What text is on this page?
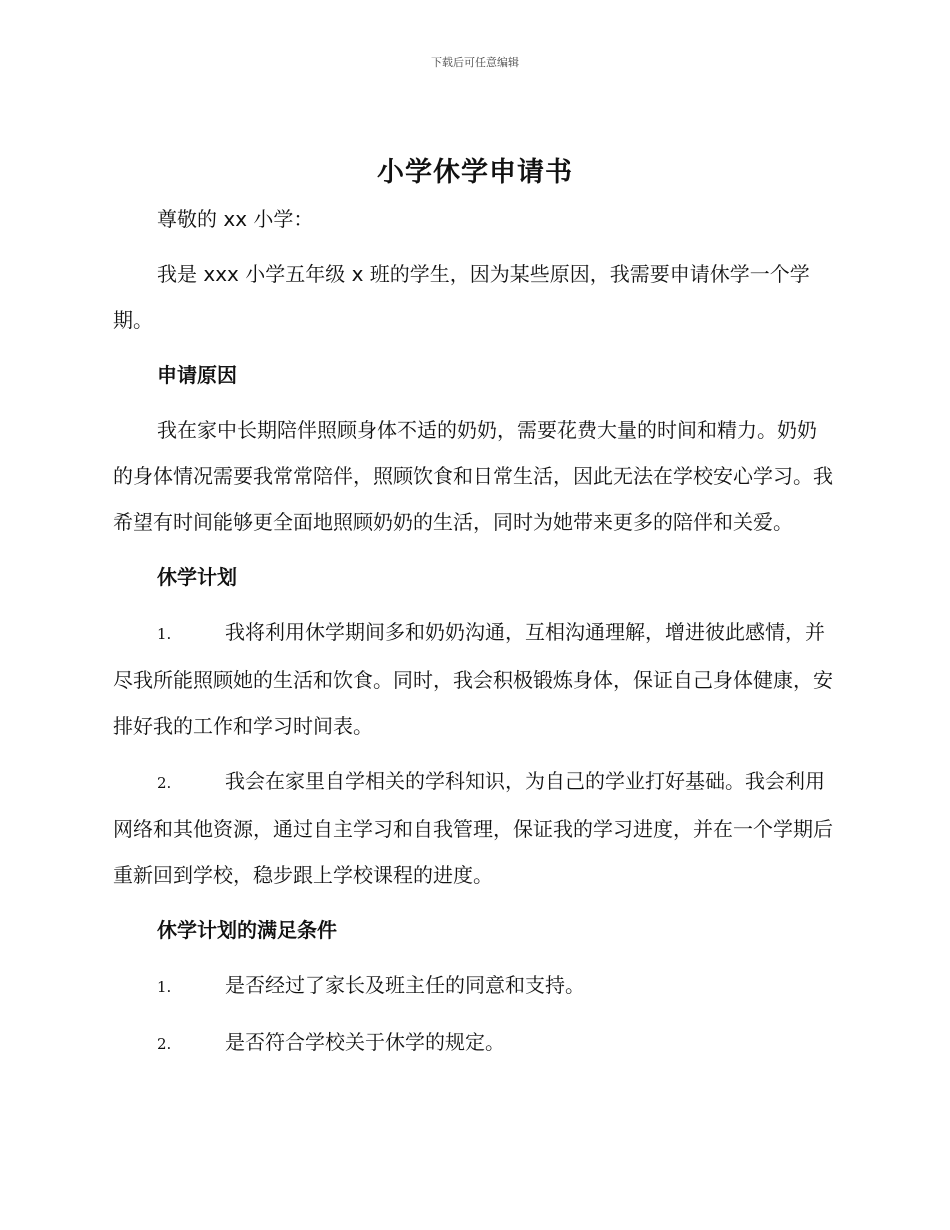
下载后可任意编辑
小学休学申请书

尊敬的 xx 小学：

我是 xxx 小学五年级 x 班的学生，因为某些原因，我需要申请休学一个学期。

申请原因

我在家中长期陪伴照顾身体不适的奶奶，需要花费大量的时间和精力。奶奶的身体情况需要我常常陪伴，照顾饮食和日常生活，因此无法在学校安心学习。我希望有时间能够更全面地照顾奶奶的生活，同时为她带来更多的陪伴和关爱。

休学计划

1.	我将利用休学期间多和奶奶沟通，互相沟通理解，增进彼此感情，并尽我所能照顾她的生活和饮食。同时，我会积极锻炼身体，保证自己身体健康，安排好我的工作和学习时间表。

2.	我会在家里自学相关的学科知识，为自己的学业打好基础。我会利用网络和其他资源，通过自主学习和自我管理，保证我的学习进度，并在一个学期后重新回到学校，稳步跟上学校课程的进度。

休学计划的满足条件

1.	是否经过了家长及班主任的同意和支持。

2.	是否符合学校关于休学的规定。
